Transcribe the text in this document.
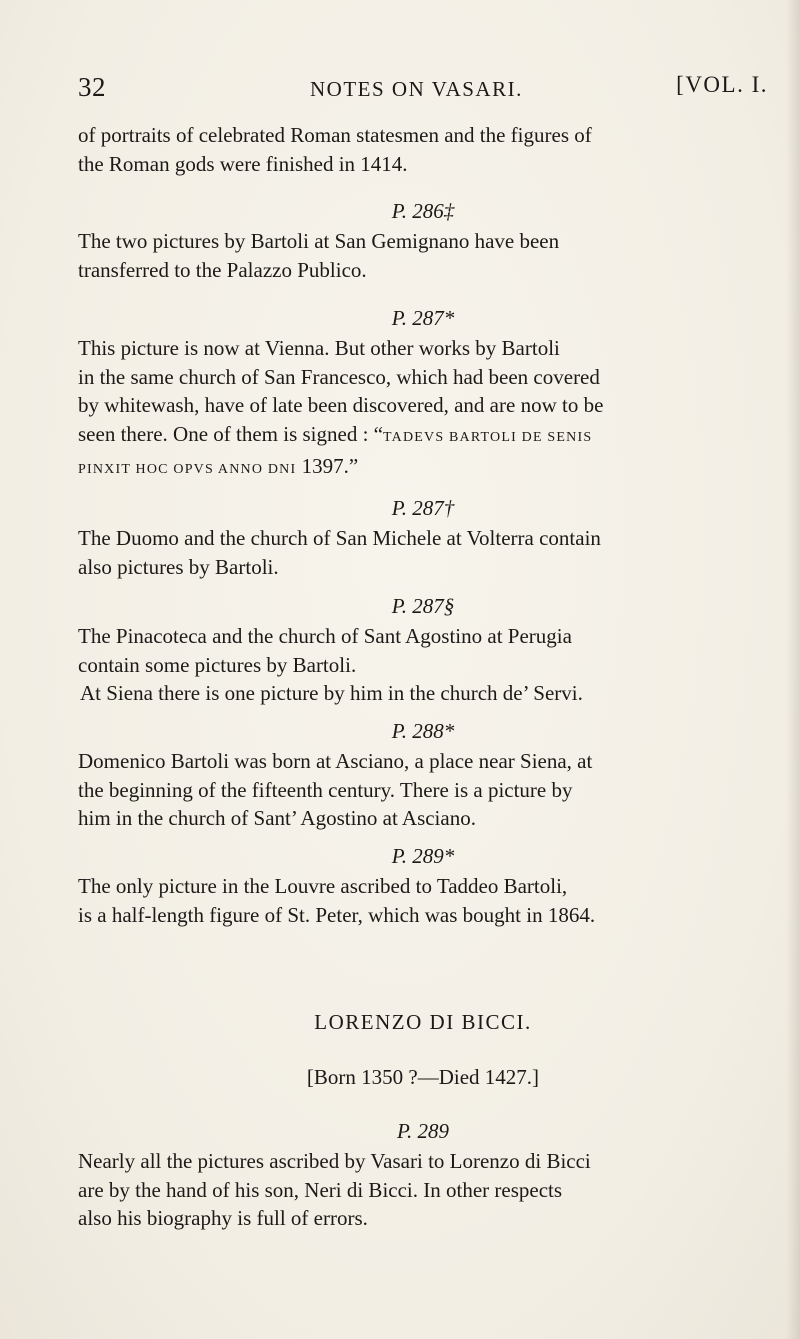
32	NOTES ON VASARI.	[VOL. I.

of portraits of celebrated Roman statesmen and the figures of
the Roman gods were finished in 1414.

P. 286‡

The two pictures by Bartoli at San Gemignano have been
transferred to the Palazzo Publico.

P. 287*

This picture is now at Vienna. But other works by Bartoli
in the same church of San Francesco, which had been covered
by whitewash, have of late been discovered, and are now to be
seen there. One of them is signed : “TADEVS BARTOLI DE SENIS
PINXIT HOC OPVS ANNO DNI 1397.”

P. 287†

The Duomo and the church of San Michele at Volterra contain
also pictures by Bartoli.

P. 287§

The Pinacoteca and the church of Sant Agostino at Perugia
contain some pictures by Bartoli.
At Siena there is one picture by him in the church de’ Servi.

P. 288*

Domenico Bartoli was born at Asciano, a place near Siena, at
the beginning of the fifteenth century. There is a picture by
him in the church of Sant’ Agostino at Asciano.

P. 289*

The only picture in the Louvre ascribed to Taddeo Bartoli,
is a half-length figure of St. Peter, which was bought in 1864.

LORENZO DI BICCI.
[Born 1350 ?—Died 1427.]
P. 289

Nearly all the pictures ascribed by Vasari to Lorenzo di Bicci
are by the hand of his son, Neri di Bicci. In other respects
also his biography is full of errors.
